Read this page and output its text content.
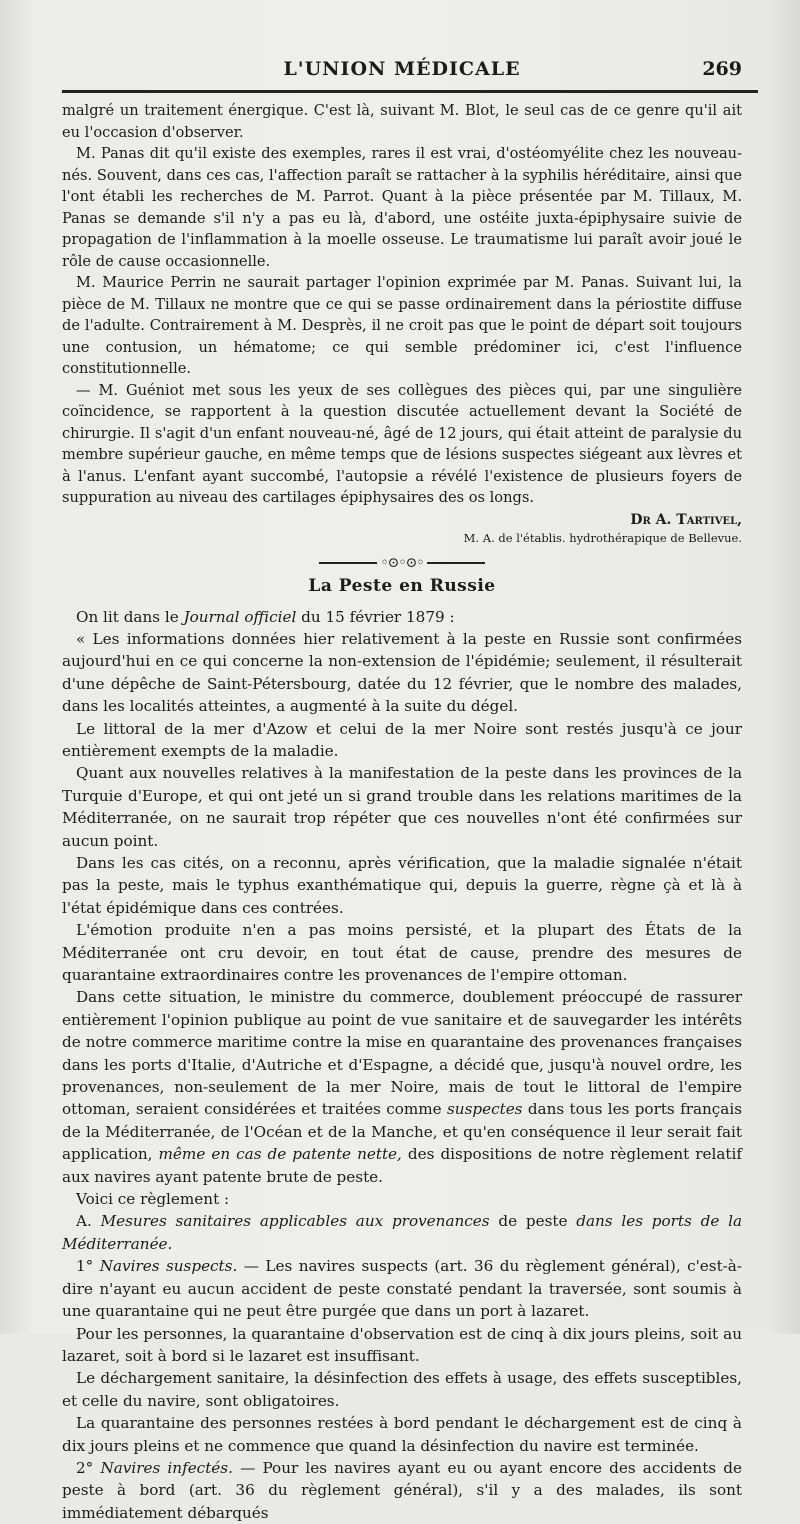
L'UNION MÉDICALE	269

malgré un traitement énergique. C'est là, suivant M. Blot, le seul cas de ce genre qu'il ait eu l'occasion d'observer.

M. Panas dit qu'il existe des exemples, rares il est vrai, d'ostéomyélite chez les nouveau-nés. Souvent, dans ces cas, l'affection paraît se rattacher à la syphilis héréditaire, ainsi que l'ont établi les recherches de M. Parrot. Quant à la pièce présentée par M. Tillaux, M. Panas se demande s'il n'y a pas eu là, d'abord, une ostéite juxta-épiphysaire suivie de propagation de l'inflammation à la moelle osseuse. Le traumatisme lui paraît avoir joué le rôle de cause occasionnelle.

M. Maurice Perrin ne saurait partager l'opinion exprimée par M. Panas. Suivant lui, la pièce de M. Tillaux ne montre que ce qui se passe ordinairement dans la périostite diffuse de l'adulte. Contrairement à M. Desprès, il ne croit pas que le point de départ soit toujours une contusion, un hématome; ce qui semble prédominer ici, c'est l'influence constitutionnelle.

— M. Guéniot met sous les yeux de ses collègues des pièces qui, par une singulière coïncidence, se rapportent à la question discutée actuellement devant la Société de chirurgie. Il s'agit d'un enfant nouveau-né, âgé de 12 jours, qui était atteint de paralysie du membre supérieur gauche, en même temps que de lésions suspectes siégeant aux lèvres et à l'anus. L'enfant ayant succombé, l'autopsie a révélé l'existence de plusieurs foyers de suppuration au niveau des cartilages épiphysaires des os longs.

Dr A. Tartivel,
M. A. de l'établis. hydrothérapique de Bellevue.
◦⊙◦⊙◦
La Peste en Russie

On lit dans le Journal officiel du 15 février 1879 :

« Les informations données hier relativement à la peste en Russie sont confirmées aujourd'hui en ce qui concerne la non-extension de l'épidémie; seulement, il résulterait d'une dépêche de Saint-Pétersbourg, datée du 12 février, que le nombre des malades, dans les localités atteintes, a augmenté à la suite du dégel.

Le littoral de la mer d'Azow et celui de la mer Noire sont restés jusqu'à ce jour entièrement exempts de la maladie.

Quant aux nouvelles relatives à la manifestation de la peste dans les provinces de la Turquie d'Europe, et qui ont jeté un si grand trouble dans les relations maritimes de la Méditerranée, on ne saurait trop répéter que ces nouvelles n'ont été confirmées sur aucun point.

Dans les cas cités, on a reconnu, après vérification, que la maladie signalée n'était pas la peste, mais le typhus exanthématique qui, depuis la guerre, règne çà et là à l'état épidémique dans ces contrées.

L'émotion produite n'en a pas moins persisté, et la plupart des États de la Méditerranée ont cru devoir, en tout état de cause, prendre des mesures de quarantaine extraordinaires contre les provenances de l'empire ottoman.

Dans cette situation, le ministre du commerce, doublement préoccupé de rassurer entièrement l'opinion publique au point de vue sanitaire et de sauvegarder les intérêts de notre commerce maritime contre la mise en quarantaine des provenances françaises dans les ports d'Italie, d'Autriche et d'Espagne, a décidé que, jusqu'à nouvel ordre, les provenances, non-seulement de la mer Noire, mais de tout le littoral de l'empire ottoman, seraient considérées et traitées comme suspectes dans tous les ports français de la Méditerranée, de l'Océan et de la Manche, et qu'en conséquence il leur serait fait application, même en cas de patente nette, des dispositions de notre règlement relatif aux navires ayant patente brute de peste.

Voici ce règlement :

A. Mesures sanitaires applicables aux provenances de peste dans les ports de la Méditerranée.

1° Navires suspects. — Les navires suspects (art. 36 du règlement général), c'est-à-dire n'ayant eu aucun accident de peste constaté pendant la traversée, sont soumis à une quarantaine qui ne peut être purgée que dans un port à lazaret.

Pour les personnes, la quarantaine d'observation est de cinq à dix jours pleins, soit au lazaret, soit à bord si le lazaret est insuffisant.

Le déchargement sanitaire, la désinfection des effets à usage, des effets susceptibles, et celle du navire, sont obligatoires.

La quarantaine des personnes restées à bord pendant le déchargement est de cinq à dix jours pleins et ne commence que quand la désinfection du navire est terminée.

2° Navires infectés. — Pour les navires ayant eu ou ayant encore des accidents de peste à bord (art. 36 du règlement général), s'il y a des malades, ils sont immédiatement débarqués
